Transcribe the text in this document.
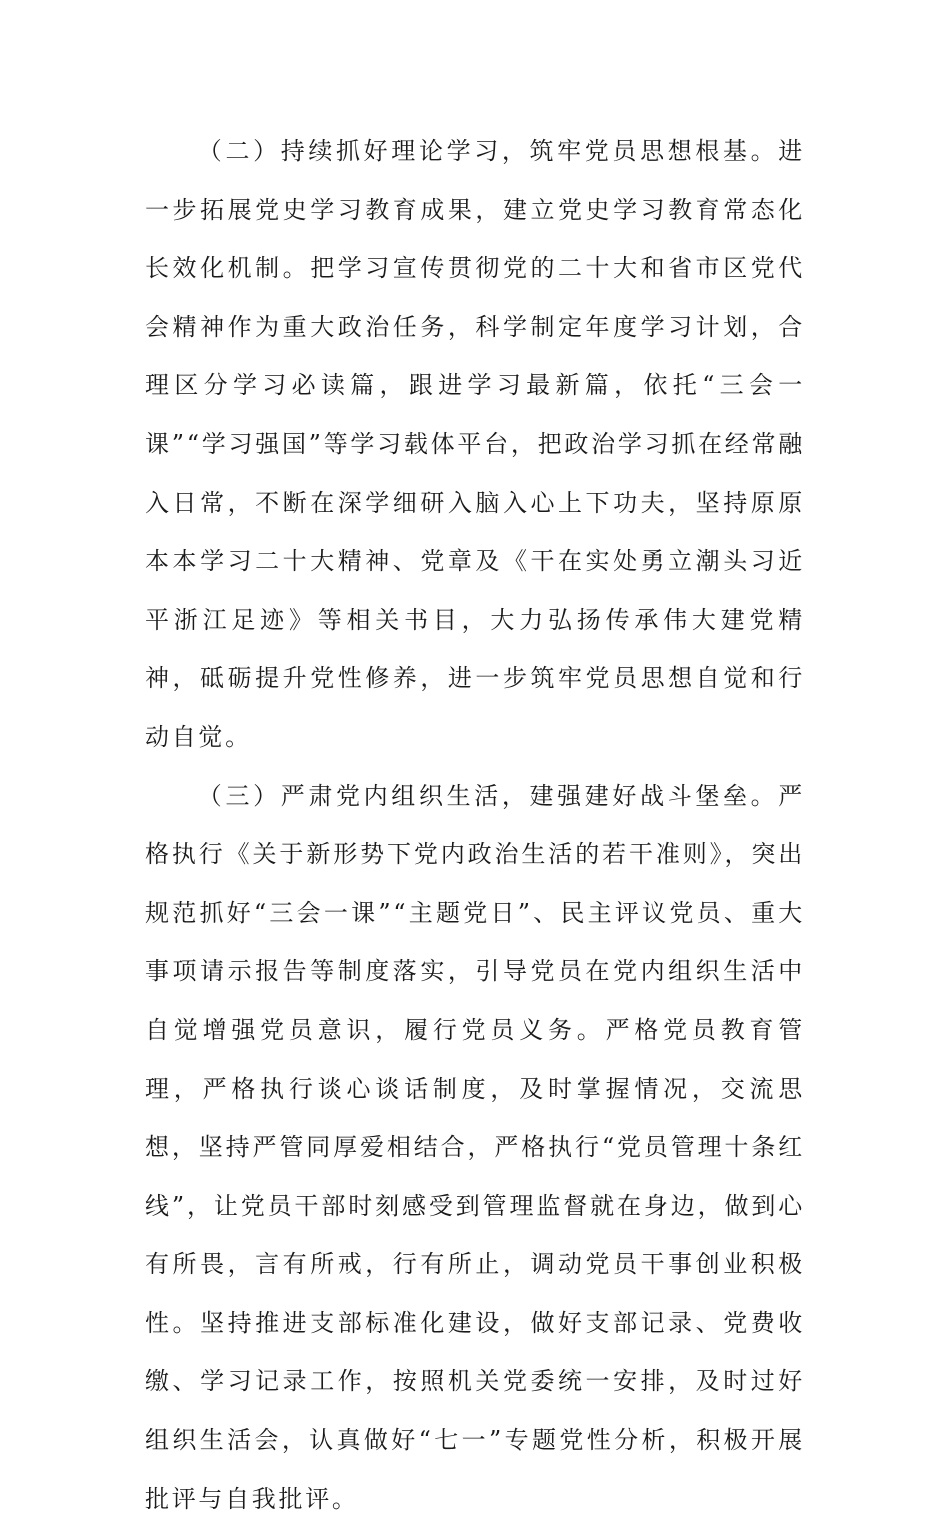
（二）持续抓好理论学习，筑牢党员思想根基。进一步拓展党史学习教育成果，建立党史学习教育常态化长效化机制。把学习宣传贯彻党的二十大和省市区党代会精神作为重大政治任务，科学制定年度学习计划，合理区分学习必读篇，跟进学习最新篇，依托“三会一课”“学习强国”等学习载体平台，把政治学习抓在经常融入日常，不断在深学细研入脑入心上下功夫，坚持原原本本学习二十大精神、党章及《干在实处勇立潮头习近平浙江足迹》等相关书目，大力弘扬传承伟大建党精神，砥砺提升党性修养，进一步筑牢党员思想自觉和行动自觉。

（三）严肃党内组织生活，建强建好战斗堡垒。严格执行《关于新形势下党内政治生活的若干准则》，突出规范抓好“三会一课”“主题党日”、民主评议党员、重大事项请示报告等制度落实，引导党员在党内组织生活中自觉增强党员意识，履行党员义务。严格党员教育管理，严格执行谈心谈话制度，及时掌握情况，交流思想，坚持严管同厚爱相结合，严格执行“党员管理十条红线”，让党员干部时刻感受到管理监督就在身边，做到心有所畏，言有所戒，行有所止，调动党员干事创业积极性。坚持推进支部标准化建设，做好支部记录、党费收缴、学习记录工作，按照机关党委统一安排，及时过好组织生活会，认真做好“七一”专题党性分析，积极开展批评与自我批评。
